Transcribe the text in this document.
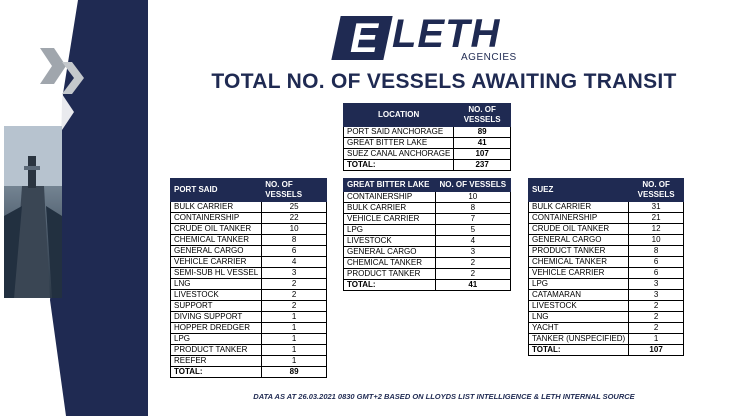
E LETH
AGENCIES
TOTAL NO. OF VESSELS AWAITING TRANSIT
LOCATION	NO. OF VESSELS
PORT SAID ANCHORAGE	89
GREAT BITTER LAKE	41
SUEZ CANAL ANCHORAGE	107
TOTAL:	237
PORT SAID	NO. OF VESSELS
BULK CARRIER	25
CONTAINERSHIP	22
CRUDE OIL TANKER	10
CHEMICAL TANKER	8
GENERAL CARGO	6
VEHICLE CARRIER	4
SEMI-SUB HL VESSEL	3
LNG	2
LIVESTOCK	2
SUPPORT	2
DIVING SUPPORT	1
HOPPER DREDGER	1
LPG	1
PRODUCT TANKER	1
REEFER	1
TOTAL:	89
GREAT BITTER LAKE	NO. OF VESSELS
CONTAINERSHIP	10
BULK CARRIER	8
VEHICLE CARRIER	7
LPG	5
LIVESTOCK	4
GENERAL CARGO	3
CHEMICAL TANKER	2
PRODUCT TANKER	2
TOTAL:	41
SUEZ	NO. OF VESSELS
BULK CARRIER	31
CONTAINERSHIP	21
CRUDE OIL TANKER	12
GENERAL CARGO	10
PRODUCT TANKER	8
CHEMICAL TANKER	6
VEHICLE CARRIER	6
LPG	3
CATAMARAN	3
LIVESTOCK	2
LNG	2
YACHT	2
TANKER (UNSPECIFIED)	1
TOTAL:	107
DATA AS AT 26.03.2021 0830 GMT+2 BASED ON LLOYDS LIST INTELLIGENCE & LETH INTERNAL SOURCE
